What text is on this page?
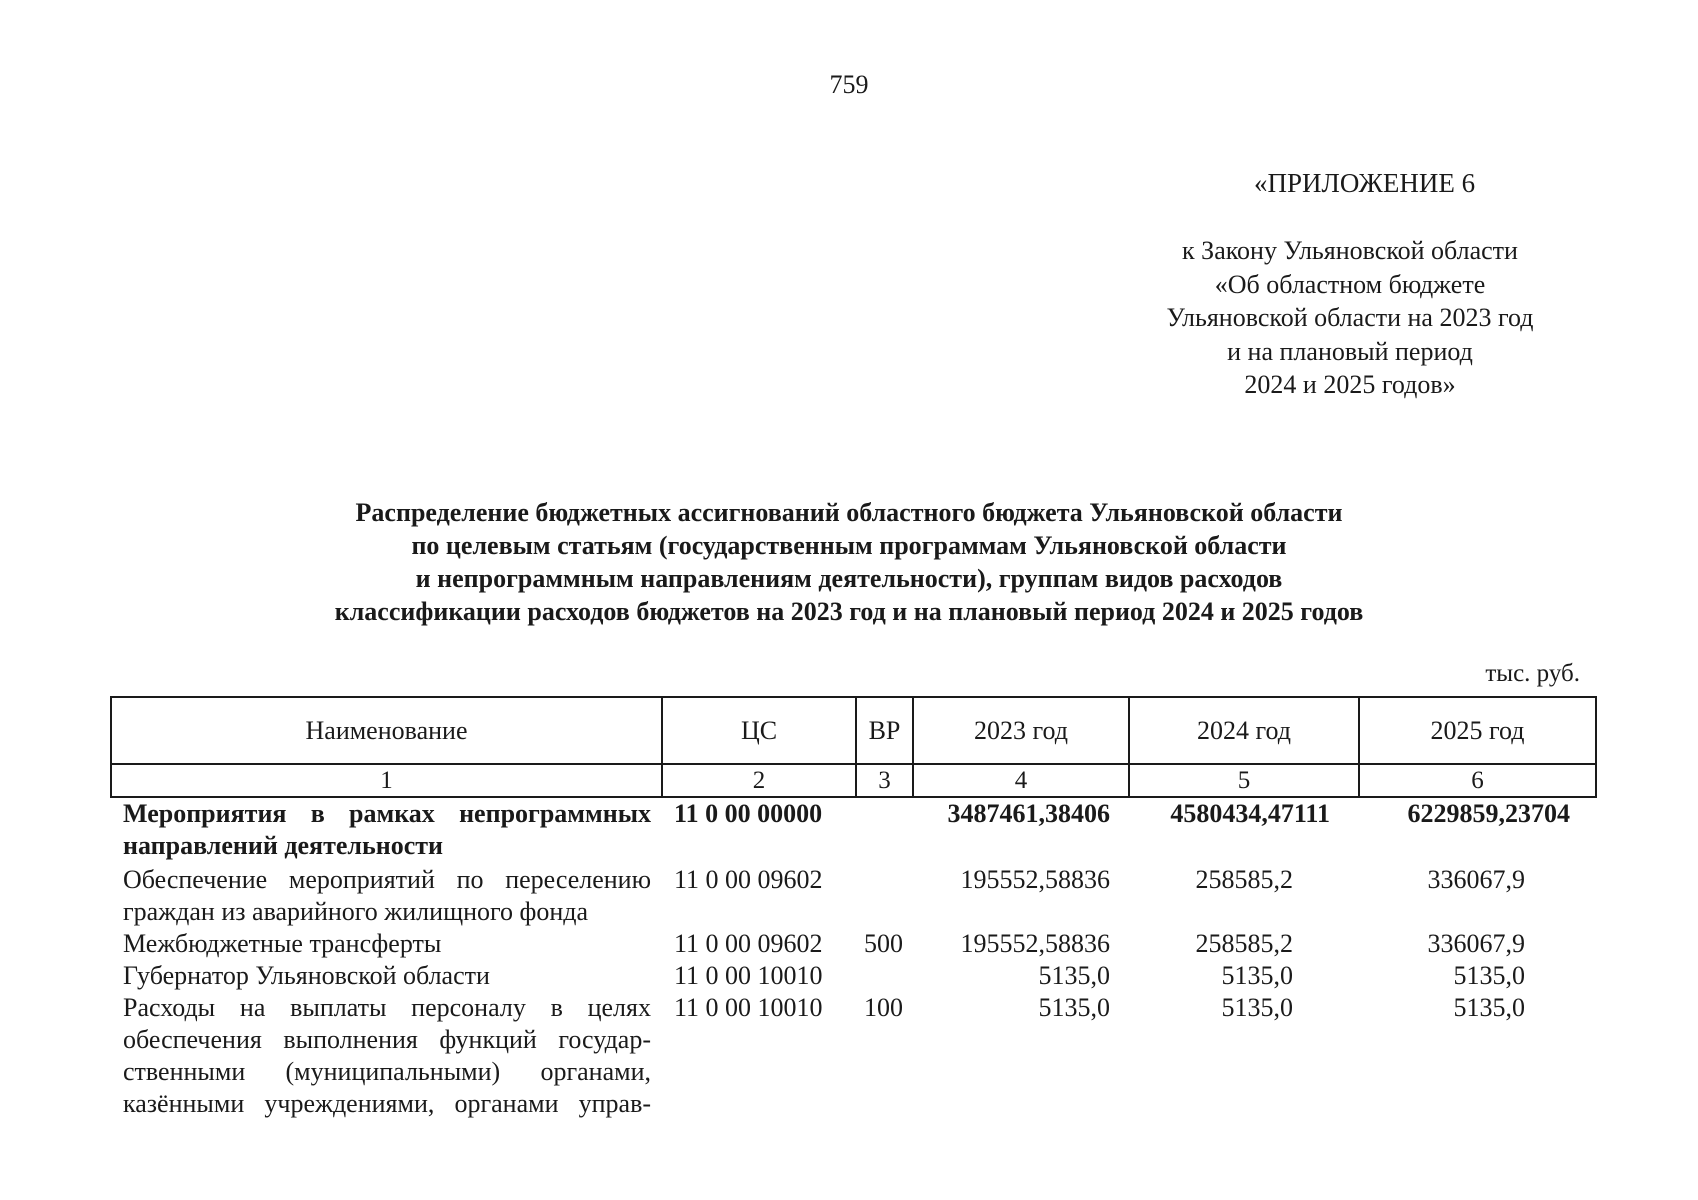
759
«ПРИЛОЖЕНИЕ 6
к Закону Ульяновской области
«Об областном бюджете
Ульяновской области на 2023 год
и на плановый период
2024 и 2025 годов»
Распределение бюджетных ассигнований областного бюджета Ульяновской области
по целевым статьям (государственным программам Ульяновской области
и непрограммным направлениям деятельности), группам видов расходов
классификации расходов бюджетов на 2023 год и на плановый период 2024 и 2025 годов
тыс. руб.
Наименование	ЦС	ВР	2023 год	2024 год	2025 год
1	2	3	4	5	6
Мероприятия в рамках непрограммных
направлений деятельности	11 0 00 00000		3487461,38406	4580434,47111	6229859,23704

Обеспечение мероприятий по переселению
граждан из аварийного жилищного фонда	11 0 00 09602		195552,58836	258585,2	336067,9

Межбюджетные трансферты	11 0 00 09602	500	195552,58836	258585,2	336067,9

Губернатор Ульяновской области	11 0 00 10010		5135,0	5135,0	5135,0

Расходы на выплаты персоналу в целях
обеспечения выполнения функций государ-
ственными (муниципальными) органами,
казёнными учреждениями, органами управ-	11 0 00 10010	100	5135,0	5135,0	5135,0
